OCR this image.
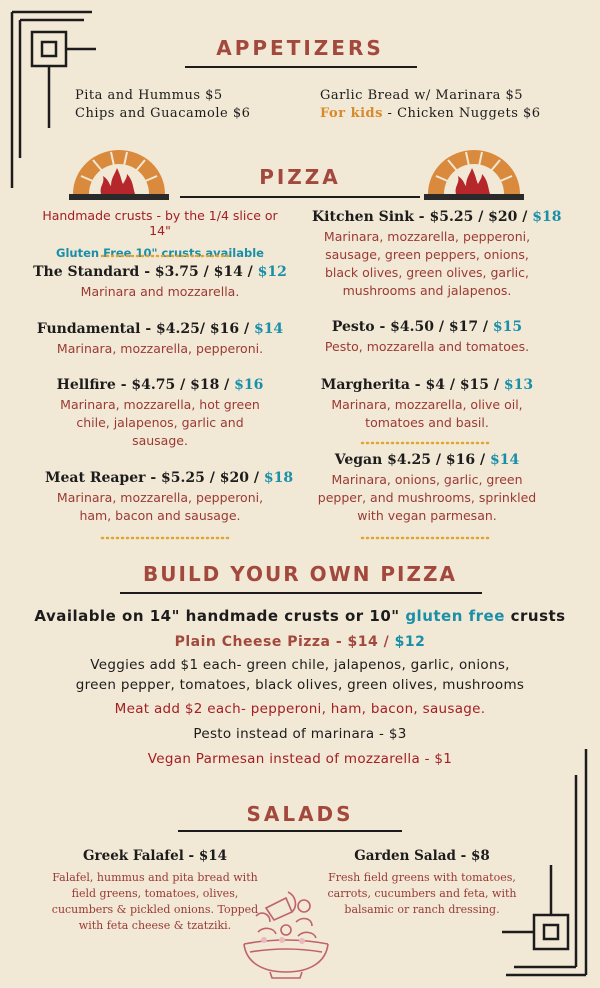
APPETIZERS
Pita and Hummus $5
Chips and Guacamole $6
Garlic Bread w/ Marinara $5
For kids - Chicken Nuggets $6
PIZZA
Handmade crusts - by the 1/4 slice or 14"
Gluten Free 10" crusts available
The Standard - $3.75 / $14 / $12
Marinara and mozzarella.
Fundamental - $4.25/ $16 / $14
Marinara, mozzarella, pepperoni.
Hellfire - $4.75 / $18 / $16
Marinara, mozzarella, hot green chile, jalapenos, garlic and sausage.
Meat Reaper - $5.25 / $20 / $18
Marinara, mozzarella, pepperoni, ham, bacon and sausage.
Kitchen Sink - $5.25 / $20 / $18
Marinara, mozzarella, pepperoni, sausage, green peppers, onions, black olives, green olives, garlic, mushrooms and jalapenos.
Pesto - $4.50 / $17 / $15
Pesto, mozzarella and tomatoes.
Margherita - $4 / $15 / $13
Marinara, mozzarella, olive oil, tomatoes and basil.
Vegan $4.25 / $16 / $14
Marinara, onions, garlic, green pepper, and mushrooms, sprinkled with vegan parmesan.
BUILD YOUR OWN PIZZA
Available on 14" handmade crusts or 10" gluten free crusts
Plain Cheese Pizza - $14 / $12
Veggies add $1 each- green chile, jalapenos, garlic, onions,
green pepper, tomatoes, black olives, green olives, mushrooms
Meat add $2 each- pepperoni, ham, bacon, sausage.
Pesto instead of marinara - $3
Vegan Parmesan instead of mozzarella - $1
SALADS
Greek Falafel - $14
Falafel, hummus and pita bread with field greens, tomatoes, olives, cucumbers & pickled onions. Topped with feta cheese & tzatziki.
Garden Salad - $8
Fresh field greens with tomatoes, carrots, cucumbers and feta, with balsamic or ranch dressing.
